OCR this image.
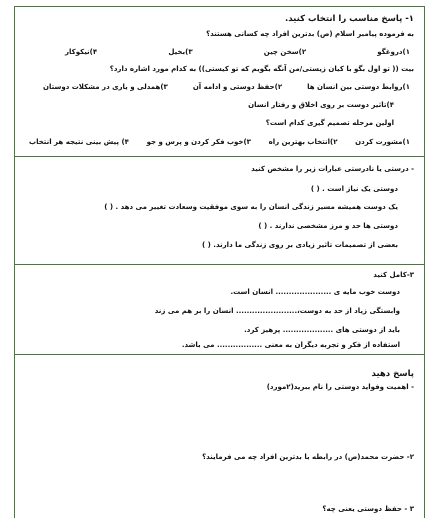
۱- پاسخ مناسب را انتخاب کنید.
به فرموده پیامبر اسلام (ص) بدترین افراد چه کسانی هستند؟
۱)دروغگو
۲)سخن چین
۳)بخیل
۴)نیکوکار
بیت (( تو اول بگو با کیان زیستی/من آنگه بگویم که تو کیستی)) به کدام مورد اشاره دارد؟
۱)روابط دوستی بین انسان ها
۲)حفظ دوستی و ادامه آن
۳)همدلی و یاری در مشکلات دوستان
۴)تاثیر دوست بر روی اخلاق و رفتار انسان
اولین مرحله تصمیم گیری کدام است؟
۱)مشورت کردن
۲)انتخاب بهترین راه
۳)خوب فکر کردن و پرس و جو
۴) پیش بینی نتیجه هر انتخاب
- درستی یا نادرستی عبارات زیر را مشخص کنید
دوستی یک نیاز است . ( )
یک دوست همیشه مسیر زندگی انسان را به سوی موفقیت وسعادت تغییر می دهد . ( )
دوستی ها حد و مرز مشخصی ندارند . ( )
بعضی از تصمیمات تاثیر زیادی بر روی زندگی ما دارند. ( )
۳-کامل کنید
دوست خوب مایه ی ..................... انسان است.
وابستگی زیاد از حد به دوست،....................... انسان را بر هم می زند
باید از دوستی های ................... پرهیز کرد.
استفاده از فکر و تجربه دیگران به معنی ................. می باشد.
پاسخ دهید
- اهمیت وفواید دوستی را نام ببرید(۲مورد)
۲- حضرت محمد(ص) در رابطه با بدترین افراد چه می فرمایند؟
۳ - حفظ دوستی یعنی چه؟
